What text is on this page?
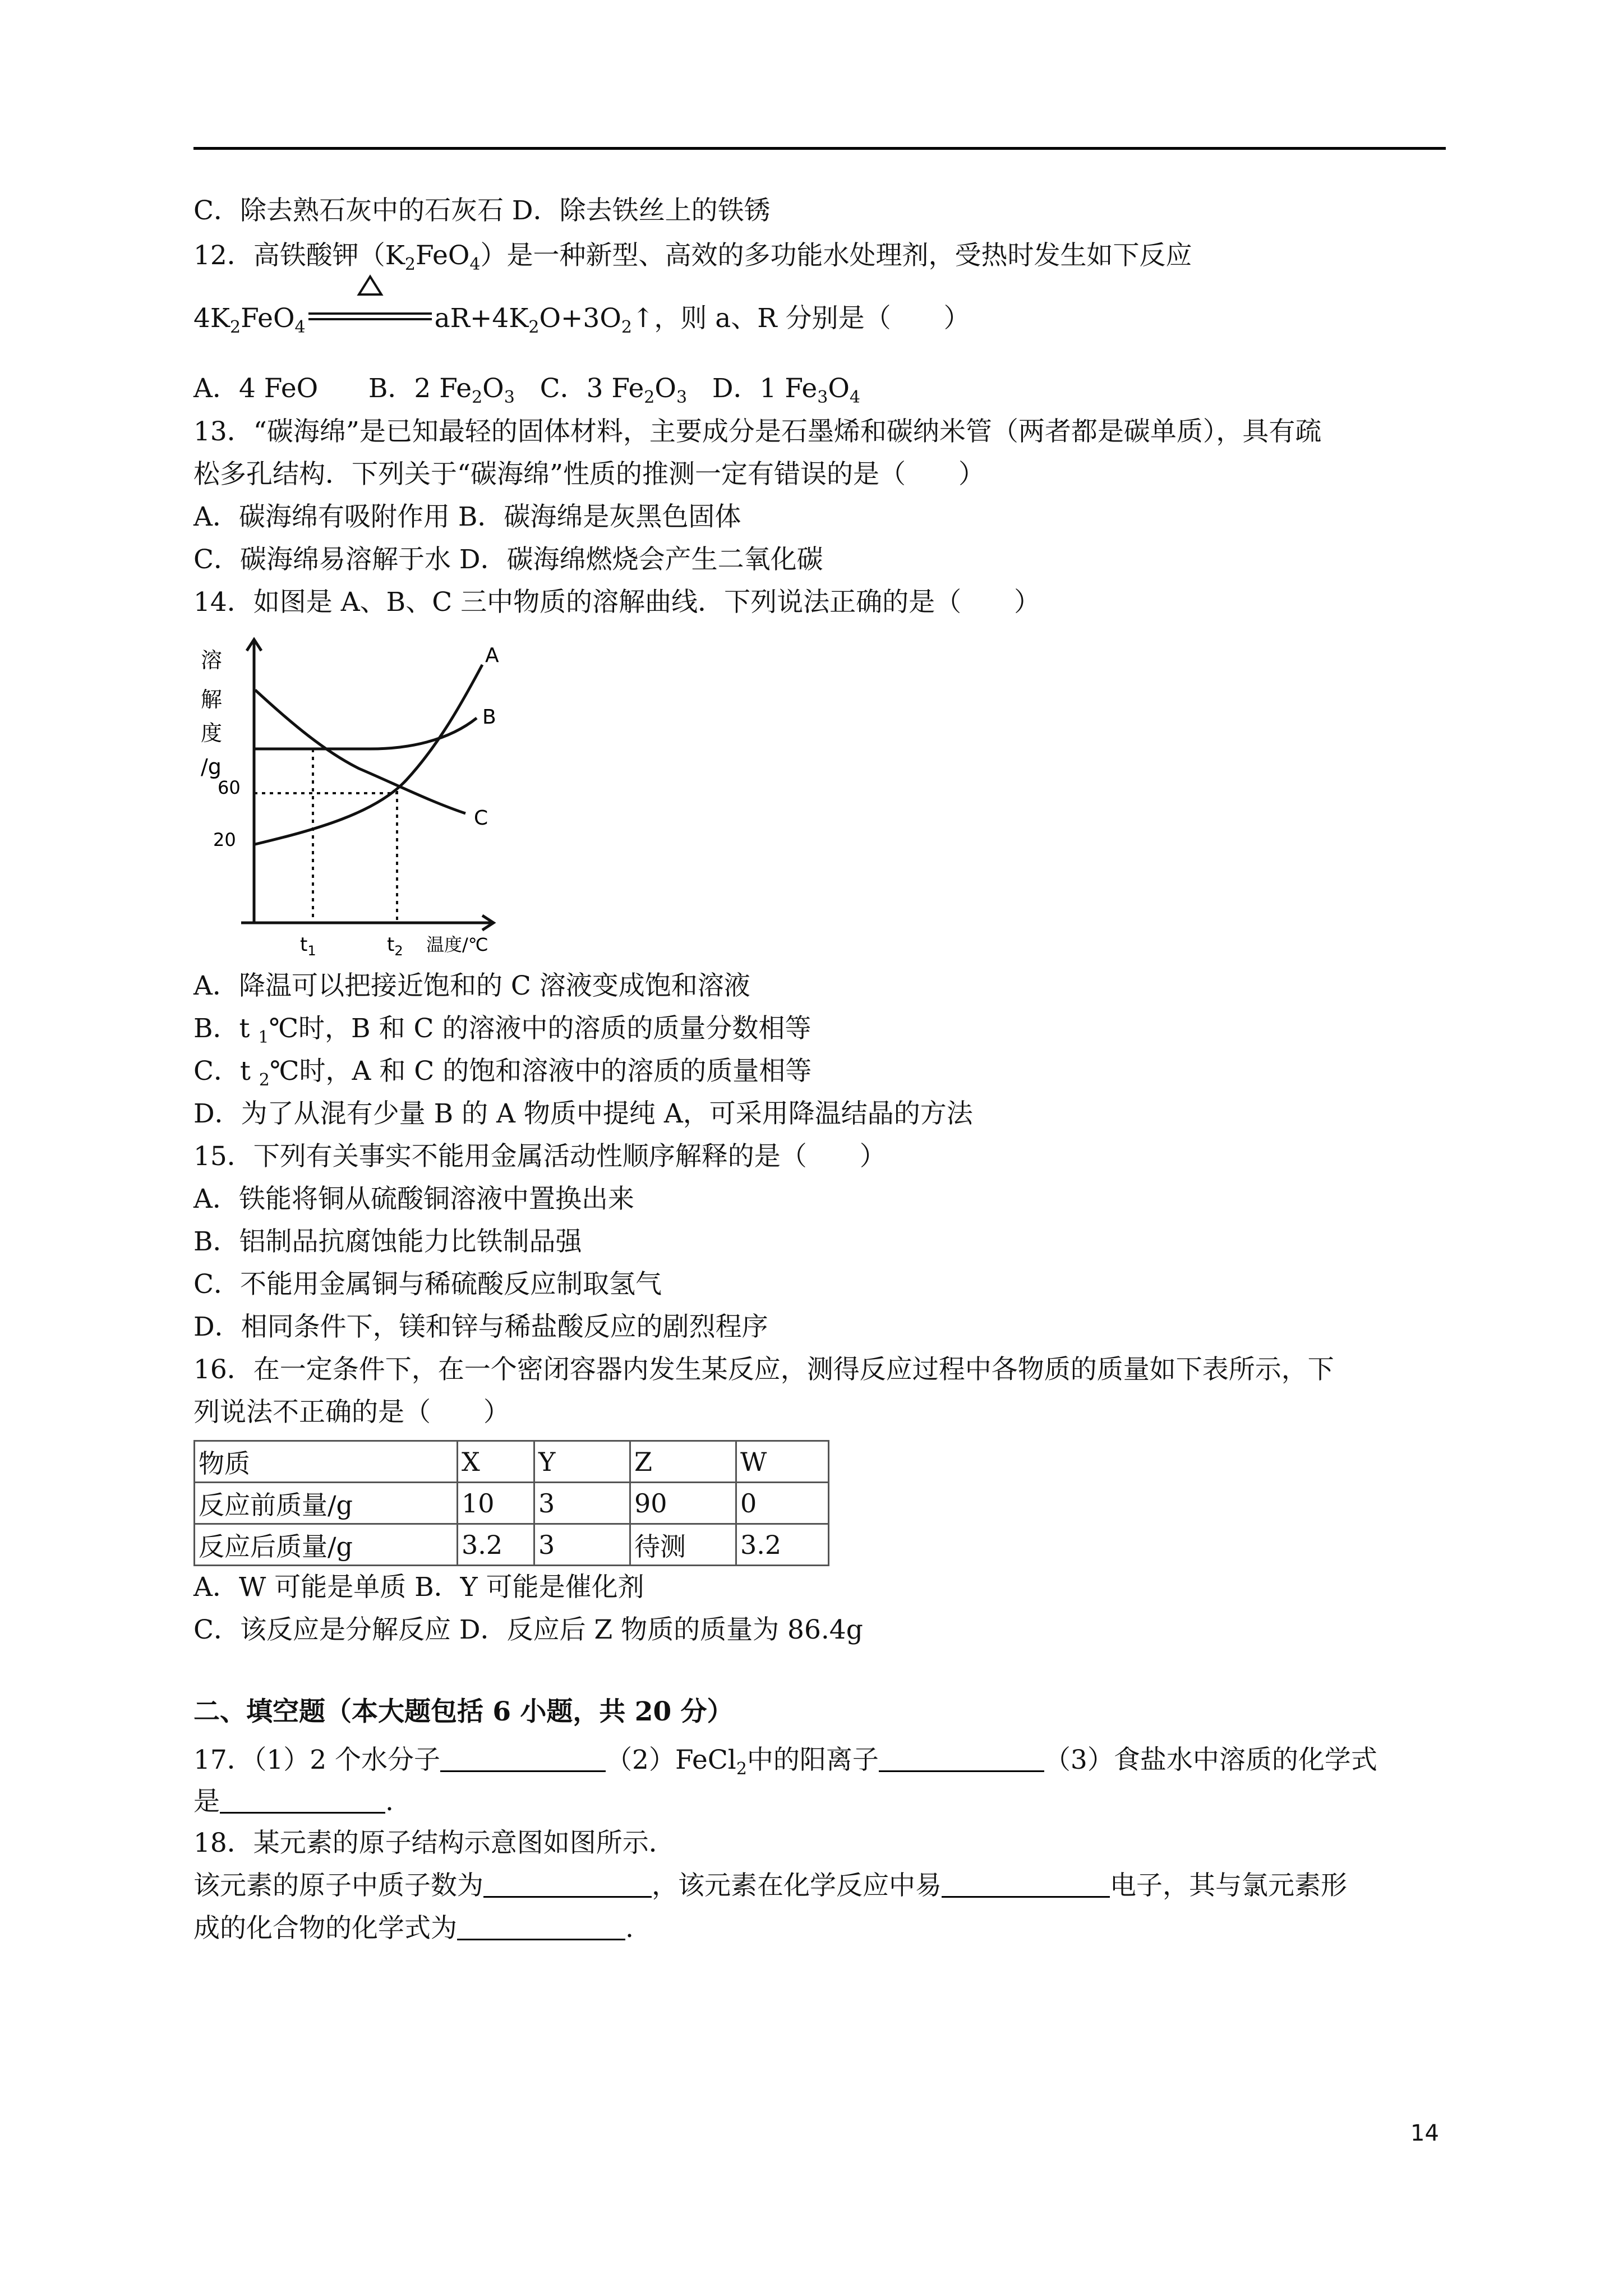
C．除去熟石灰中的石灰石 D．除去铁丝上的铁锈
12．高铁酸钾$(K_2FeO_4)$是一种新型、高效的多功能水处理剂，受热时发生如下反应
$4K_2FeO_4$
△
$aR+4K_2O+3O_2↑$，则 a、R 分别是（　　）
A．4 FeO B．2 $Fe_2O_3$ C．3 $Fe_2O_3$ D．1 $Fe_3O_4$
13．“碳海绵”是已知最轻的固体材料，主要成分是石墨烯和碳纳米管（两者都是碳单质），具有疏
松多孔结构．下列关于“碳海绵”性质的推测一定有错误的是（　　）
A．碳海绵有吸附作用 B．碳海绵是灰黑色固体
C．碳海绵易溶解于水 D．碳海绵燃烧会产生二氧化碳
14．如图是 A、B、C 三中物质的溶解曲线．下列说法正确的是（　　）
溶
解
度
/g
60
20
A
B
C
$t_1$	$t_2$ 温度/℃
A．降温可以把接近饱和的 C 溶液变成饱和溶液
B．t $_1$℃时，B 和 C 的溶液中的溶质的质量分数相等
C．t $_2$℃时，A 和 C 的饱和溶液中的溶质的质量相等
D．为了从混有少量 B 的 A 物质中提纯 A，可采用降温结晶的方法
15．下列有关事实不能用金属活动性顺序解释的是（　　）
A．铁能将铜从硫酸铜溶液中置换出来
B．铝制品抗腐蚀能力比铁制品强
C．不能用金属铜与稀硫酸反应制取氢气
D．相同条件下，镁和锌与稀盐酸反应的剧烈程序
16．在一定条件下，在一个密闭容器内发生某反应，测得反应过程中各物质的质量如下表所示，下
列说法不正确的是（　　）
物质	X	Y	Z	W
反应前质量/g	10	3	90	0
反应后质量/g	3.2	3	待测	3.2
A．W 可能是单质 B．Y 可能是催化剂
C．该反应是分解反应 D．反应后 Z 物质的质量为 86.4g
二、填空题（本大题包括 6 小题，共 20 分）
17．（1）2 个水分子	（2）FeCl$_2$中的阳离子	（3）食盐水中溶质的化学式
是	.
18．某元素的原子结构示意图如图所示．
该元素的原子中质子数为	，该元素在化学反应中易	电子，其与氯元素形
成的化合物的化学式为	.
14
